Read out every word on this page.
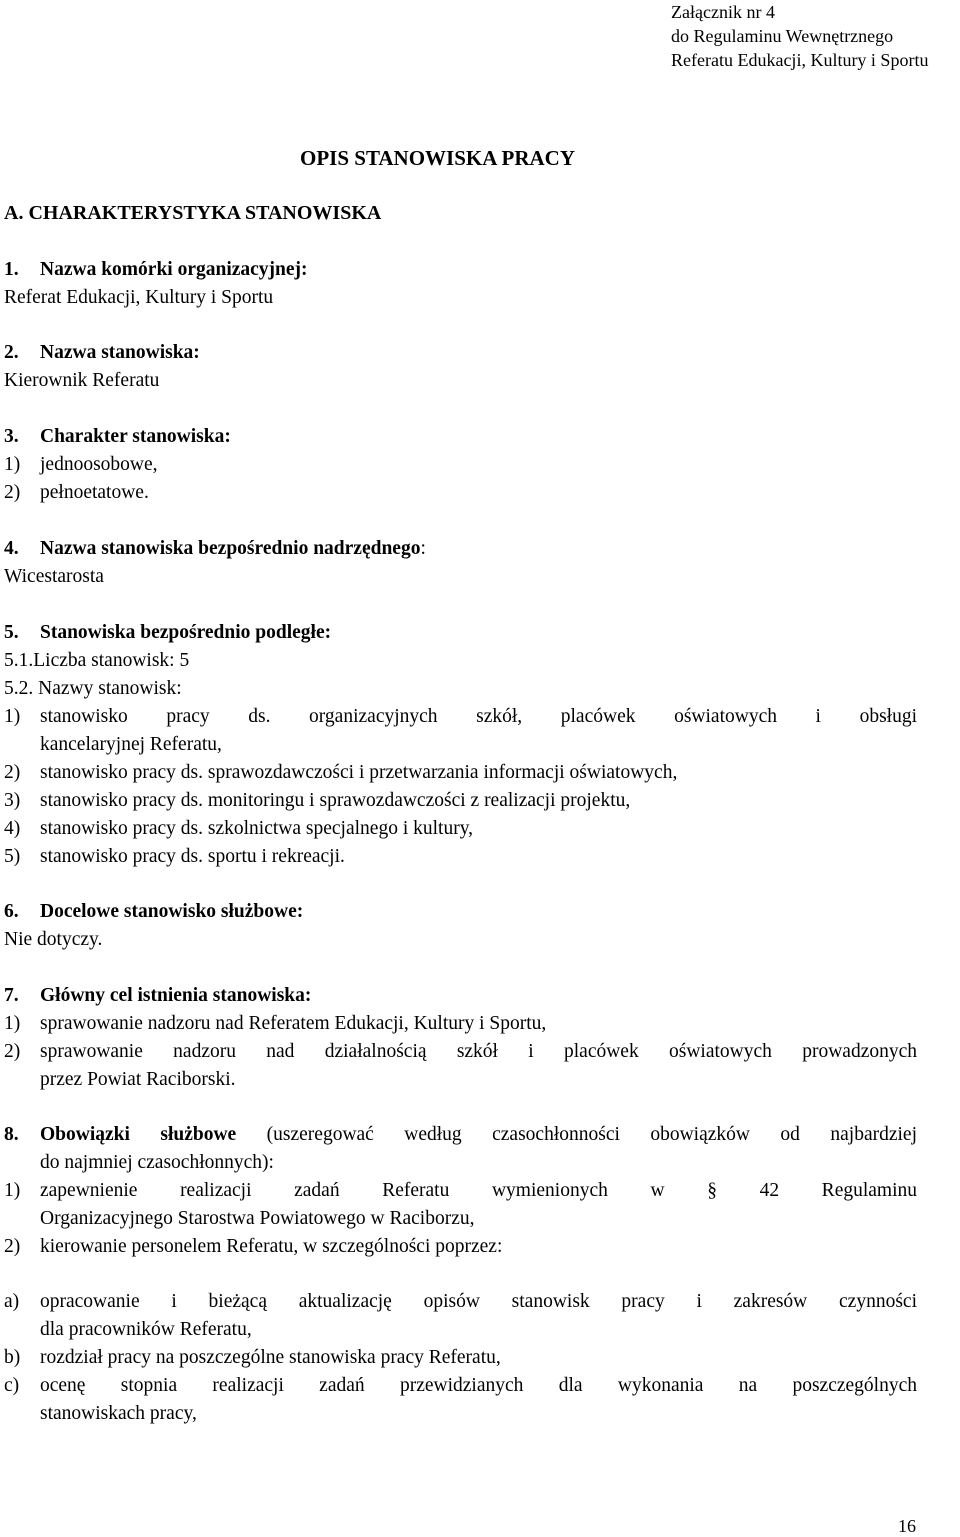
Załącznik nr 4
do Regulaminu Wewnętrznego
Referatu Edukacji, Kultury i Sportu
OPIS STANOWISKA PRACY
A. CHARAKTERYSTYKA STANOWISKA
1. Nazwa komórki organizacyjnej:
Referat Edukacji, Kultury i Sportu
2. Nazwa stanowiska:
Kierownik Referatu
3. Charakter stanowiska:
1) jednoosobowe,
2) pełnoetatowe.
4. Nazwa stanowiska bezpośrednio nadrzędnego:
Wicestarosta
5. Stanowiska bezpośrednio podległe:
5.1.Liczba stanowisk: 5
5.2. Nazwy stanowisk:
1) stanowisko pracy ds. organizacyjnych szkół, placówek oświatowych i obsługi
kancelaryjnej Referatu,
2) stanowisko pracy ds. sprawozdawczości i przetwarzania informacji oświatowych,
3) stanowisko pracy ds. monitoringu i sprawozdawczości z realizacji projektu,
4) stanowisko pracy ds. szkolnictwa specjalnego i kultury,
5) stanowisko pracy ds. sportu i rekreacji.
6. Docelowe stanowisko służbowe:
Nie dotyczy.
7. Główny cel istnienia stanowiska:
1) sprawowanie nadzoru nad Referatem Edukacji, Kultury i Sportu,
2) sprawowanie nadzoru nad działalnością szkół i placówek oświatowych prowadzonych
przez Powiat Raciborski.
8. Obowiązki służbowe (uszeregować według czasochłonności obowiązków od najbardziej
do najmniej czasochłonnych):
1) zapewnienie realizacji zadań Referatu wymienionych w § 42 Regulaminu
Organizacyjnego Starostwa Powiatowego w Raciborzu,
2) kierowanie personelem Referatu, w szczególności poprzez:
a) opracowanie i bieżącą aktualizację opisów stanowisk pracy i zakresów czynności
dla pracowników Referatu,
b) rozdział pracy na poszczególne stanowiska pracy Referatu,
c) ocenę stopnia realizacji zadań przewidzianych dla wykonania na poszczególnych
stanowiskach pracy,
16
